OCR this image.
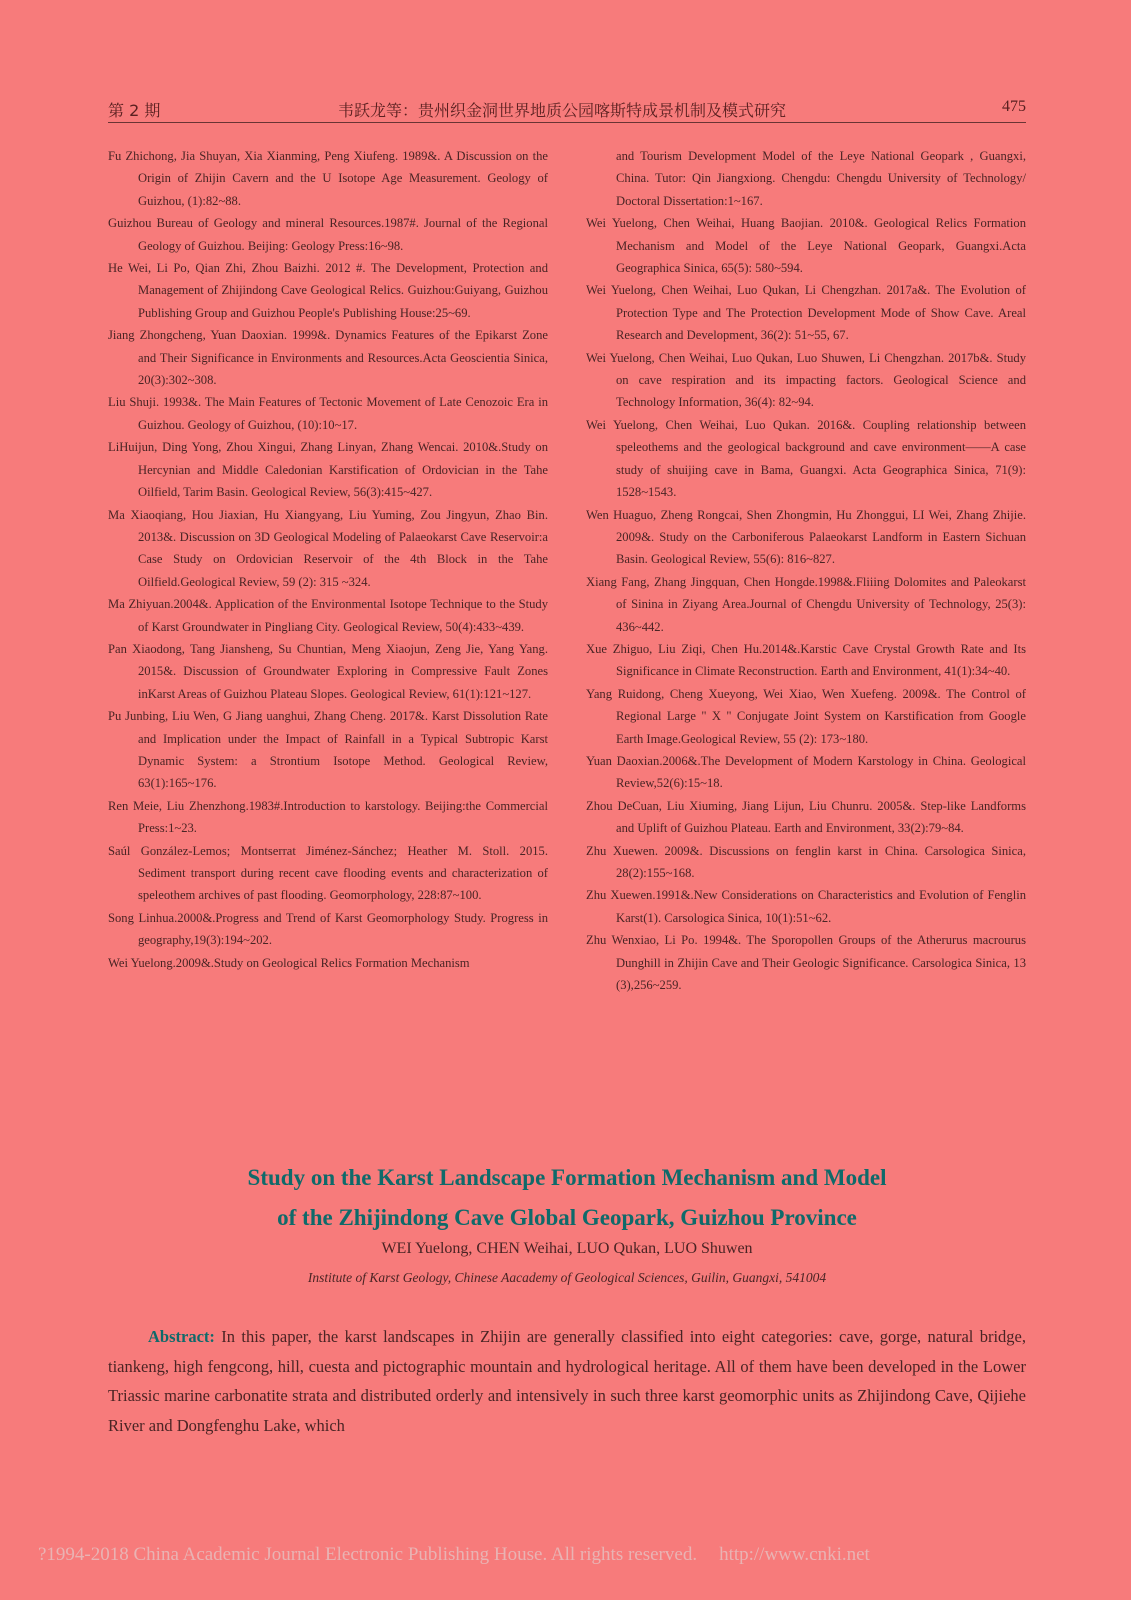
第 2 期	韦跃龙等：贵州织金洞世界地质公园喀斯特成景机制及模式研究	475

Fu Zhichong, Jia Shuyan, Xia Xianming, Peng Xiufeng. 1989&. A Discussion on the Origin of Zhijin Cavern and the U Isotope Age Measurement. Geology of Guizhou, (1):82~88.

Guizhou Bureau of Geology and mineral Resources.1987#. Journal of the Regional Geology of Guizhou. Beijing: Geology Press:16~98.

He Wei, Li Po, Qian Zhi, Zhou Baizhi. 2012 #. The Development, Protection and Management of Zhijindong Cave Geological Relics. Guizhou:Guiyang, Guizhou Publishing Group and Guizhou People's Publishing House:25~69.

Jiang Zhongcheng, Yuan Daoxian. 1999&. Dynamics Features of the Epikarst Zone and Their Significance in Environments and Resources.Acta Geoscientia Sinica, 20(3):302~308.

Liu Shuji. 1993&. The Main Features of Tectonic Movement of Late Cenozoic Era in Guizhou. Geology of Guizhou, (10):10~17.

LiHuijun, Ding Yong, Zhou Xingui, Zhang Linyan, Zhang Wencai. 2010&.Study on Hercynian and Middle Caledonian Karstification of Ordovician in the Tahe Oilfield, Tarim Basin. Geological Review, 56(3):415~427.

Ma Xiaoqiang, Hou Jiaxian, Hu Xiangyang, Liu Yuming, Zou Jingyun, Zhao Bin. 2013&. Discussion on 3D Geological Modeling of Palaeokarst Cave Reservoir:a Case Study on Ordovician Reservoir of the 4th Block in the Tahe Oilfield.Geological Review, 59 (2): 315 ~324.

Ma Zhiyuan.2004&. Application of the Environmental Isotope Technique to the Study of Karst Groundwater in Pingliang City. Geological Review, 50(4):433~439.

Pan Xiaodong, Tang Jiansheng, Su Chuntian, Meng Xiaojun, Zeng Jie, Yang Yang. 2015&. Discussion of Groundwater Exploring in Compressive Fault Zones inKarst Areas of Guizhou Plateau Slopes. Geological Review, 61(1):121~127.

Pu Junbing, Liu Wen, G Jiang uanghui, Zhang Cheng. 2017&. Karst Dissolution Rate and Implication under the Impact of Rainfall in a Typical Subtropic Karst Dynamic System: a Strontium Isotope Method. Geological Review, 63(1):165~176.

Ren Meie, Liu Zhenzhong.1983#.Introduction to karstology. Beijing:the Commercial Press:1~23.

Saúl González-Lemos; Montserrat Jiménez-Sánchez; Heather M. Stoll. 2015. Sediment transport during recent cave flooding events and characterization of speleothem archives of past flooding. Geomorphology, 228:87~100.

Song Linhua.2000&.Progress and Trend of Karst Geomorphology Study. Progress in geography,19(3):194~202.

Wei Yuelong.2009&.Study on Geological Relics Formation Mechanism

and Tourism Development Model of the Leye National Geopark , Guangxi, China. Tutor: Qin Jiangxiong. Chengdu: Chengdu University of Technology/ Doctoral Dissertation:1~167.

Wei Yuelong, Chen Weihai, Huang Baojian. 2010&. Geological Relics Formation Mechanism and Model of the Leye National Geopark, Guangxi.Acta Geographica Sinica, 65(5): 580~594.

Wei Yuelong, Chen Weihai, Luo Qukan, Li Chengzhan. 2017a&. The Evolution of Protection Type and The Protection Development Mode of Show Cave. Areal Research and Development, 36(2): 51~55, 67.

Wei Yuelong, Chen Weihai, Luo Qukan, Luo Shuwen, Li Chengzhan. 2017b&. Study on cave respiration and its impacting factors. Geological Science and Technology Information, 36(4): 82~94.

Wei Yuelong, Chen Weihai, Luo Qukan. 2016&. Coupling relationship between speleothems and the geological background and cave environment——A case study of shuijing cave in Bama, Guangxi. Acta Geographica Sinica, 71(9): 1528~1543.

Wen Huaguo, Zheng Rongcai, Shen Zhongmin, Hu Zhonggui, LI Wei, Zhang Zhijie. 2009&. Study on the Carboniferous Palaeokarst Landform in Eastern Sichuan Basin. Geological Review, 55(6): 816~827.

Xiang Fang, Zhang Jingquan, Chen Hongde.1998&.Fliiing Dolomites and Paleokarst of Sinina in Ziyang Area.Journal of Chengdu University of Technology, 25(3): 436~442.

Xue Zhiguo, Liu Ziqi, Chen Hu.2014&.Karstic Cave Crystal Growth Rate and Its Significance in Climate Reconstruction. Earth and Environment, 41(1):34~40.

Yang Ruidong, Cheng Xueyong, Wei Xiao, Wen Xuefeng. 2009&. The Control of Regional Large " X " Conjugate Joint System on Karstification from Google Earth Image.Geological Review, 55 (2): 173~180.

Yuan Daoxian.2006&.The Development of Modern Karstology in China. Geological Review,52(6):15~18.

Zhou DeCuan, Liu Xiuming, Jiang Lijun, Liu Chunru. 2005&. Step-like Landforms and Uplift of Guizhou Plateau. Earth and Environment, 33(2):79~84.

Zhu Xuewen. 2009&. Discussions on fenglin karst in China. Carsologica Sinica, 28(2):155~168.

Zhu Xuewen.1991&.New Considerations on Characteristics and Evolution of Fenglin Karst(1). Carsologica Sinica, 10(1):51~62.

Zhu Wenxiao, Li Po. 1994&. The Sporopollen Groups of the Atherurus macrourus Dunghill in Zhijin Cave and Their Geologic Significance. Carsologica Sinica, 13 (3),256~259.

Study on the Karst Landscape Formation Mechanism and Model
of the Zhijindong Cave Global Geopark, Guizhou Province
WEI Yuelong, CHEN Weihai, LUO Qukan, LUO Shuwen
Institute of Karst Geology, Chinese Aacademy of Geological Sciences, Guilin, Guangxi, 541004
Abstract: In this paper, the karst landscapes in Zhijin are generally classified into eight categories: cave, gorge, natural bridge, tiankeng, high fengcong, hill, cuesta and pictographic mountain and hydrological heritage. All of them have been developed in the Lower Triassic marine carbonatite strata and distributed orderly and intensively in such three karst geomorphic units as Zhijindong Cave, Qijiehe River and Dongfenghu Lake, which
?1994-2018 China Academic Journal Electronic Publishing House. All rights reserved. http://www.cnki.net
